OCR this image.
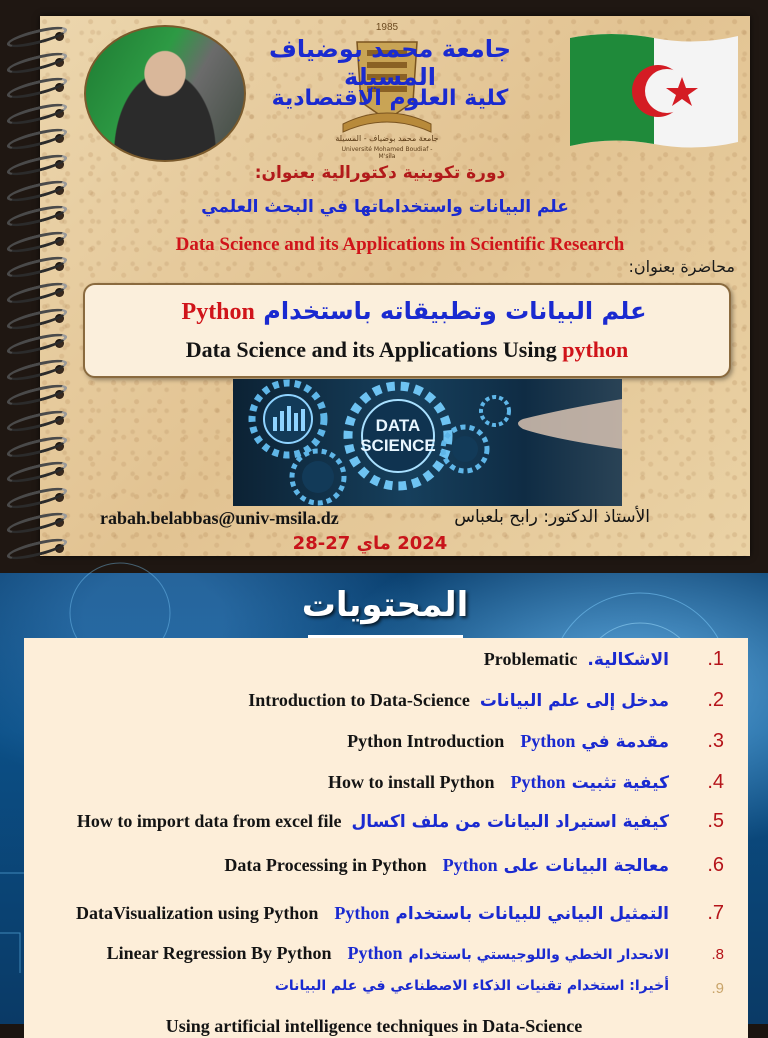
1985
جامعة محمد بوضياف - المسيلة
Université Mohamed Boudiaf - M'sila
جامعة محمد بوضياف المسيلة
كلية العلوم الاقتصادية
دورة تكوينية دكتورالية بعنوان:
علم البيانات واستخداماتها في البحث العلمي
Data Science and its Applications in Scientific Research
محاضرة بعنوان:
علم البيانات وتطبيقاته باستخدام Python
Data Science and its Applications Using python
DATA SCIENCE
الأستاذ الدكتور: رابح بلعباس
rabah.belabbas@univ-msila.dz
2024 ماي 27-28
المحتويات
.1
الاشكالية.Problematic
.2
مدخل إلى علم البياناتIntroduction to Data-Science
.3
مقدمة فيPythonPython Introduction
.4
كيفية تثبيتPythonHow to install Python
.5
كيفية استيراد البيانات من ملف اكسالHow to import data from excel file
.6
معالجة البيانات علىPythonData Processing in Python
.7
التمثيل البياني للبيانات باستخدامPythonDataVisualization using Python
.8
الانحدار الخطي واللوجيستي باستخدامPythonLinear Regression By Python
.9
أخيرا: استخدام تقنيات الذكاء الاصطناعي في علم البيانات
Using artificial intelligence techniques in Data-Science
